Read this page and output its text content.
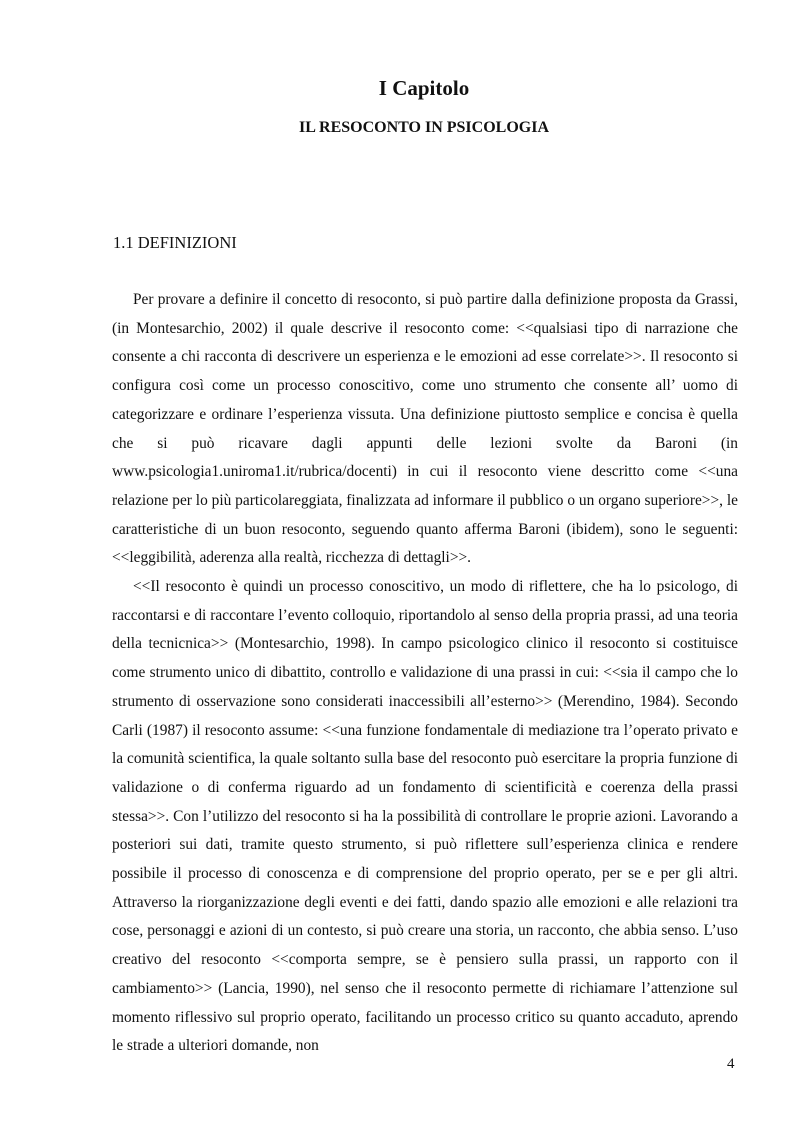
I Capitolo
IL RESOCONTO IN PSICOLOGIA
1.1 DEFINIZIONI

Per provare a definire il concetto di resoconto, si può partire dalla definizione proposta da Grassi, (in Montesarchio, 2002) il quale descrive il resoconto come: <<qualsiasi tipo di narrazione che consente a chi racconta di descrivere un esperienza e le emozioni ad esse correlate>>. Il resoconto si configura così come un processo conoscitivo, come uno strumento che consente all’ uomo di categorizzare e ordinare l’esperienza vissuta. Una definizione piuttosto semplice e concisa è quella che si può ricavare dagli appunti delle lezioni svolte da Baroni (in www.psicologia1.uniroma1.it/rubrica/docenti) in cui il resoconto viene descritto come <<una relazione per lo più particolareggiata, finalizzata ad informare il pubblico o un organo superiore>>, le caratteristiche di un buon resoconto, seguendo quanto afferma Baroni (ibidem), sono le seguenti: <<leggibilità, aderenza alla realtà, ricchezza di dettagli>>.

<<Il resoconto è quindi un processo conoscitivo, un modo di riflettere, che ha lo psicologo, di raccontarsi e di raccontare l’evento colloquio, riportandolo al senso della propria prassi, ad una teoria della tecnicnica>> (Montesarchio, 1998). In campo psicologico clinico il resoconto si costituisce come strumento unico di dibattito, controllo e validazione di una prassi in cui: <<sia il campo che lo strumento di osservazione sono considerati inaccessibili all’esterno>> (Merendino, 1984). Secondo Carli (1987) il resoconto assume: <<una funzione fondamentale di mediazione tra l’operato privato e la comunità scientifica, la quale soltanto sulla base del resoconto può esercitare la propria funzione di validazione o di conferma riguardo ad un fondamento di scientificità e coerenza della prassi stessa>>. Con l’utilizzo del resoconto si ha la possibilità di controllare le proprie azioni. Lavorando a posteriori sui dati, tramite questo strumento, si può riflettere sull’esperienza clinica e rendere possibile il processo di conoscenza e di comprensione del proprio operato, per se e per gli altri. Attraverso la riorganizzazione degli eventi e dei fatti, dando spazio alle emozioni e alle relazioni tra cose, personaggi e azioni di un contesto, si può creare una storia, un racconto, che abbia senso. L’uso creativo del resoconto <<comporta sempre, se è pensiero sulla prassi, un rapporto con il cambiamento>> (Lancia, 1990), nel senso che il resoconto permette di richiamare l’attenzione sul momento riflessivo sul proprio operato, facilitando un processo critico su quanto accaduto, aprendo le strade a ulteriori domande, non

4
